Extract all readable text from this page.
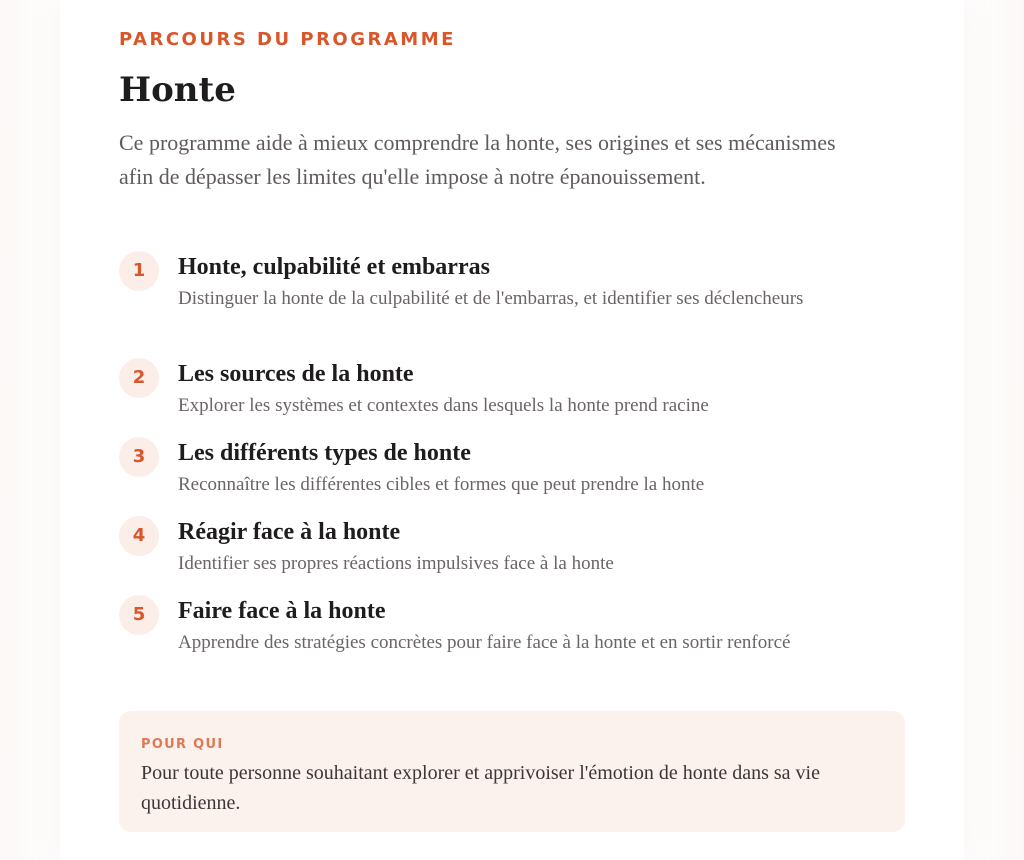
PARCOURS DU PROGRAMME
Honte

Ce programme aide à mieux comprendre la honte, ses origines et ses mécanismes afin de dépasser les limites qu'elle impose à notre épanouissement.

1	Honte, culpabilité et embarras
Distinguer la honte de la culpabilité et de l'embarras, et identifier ses déclencheurs
2	Les sources de la honte
Explorer les systèmes et contextes dans lesquels la honte prend racine
3	Les différents types de honte
Reconnaître les différentes cibles et formes que peut prendre la honte
4	Réagir face à la honte
Identifier ses propres réactions impulsives face à la honte
5	Faire face à la honte
Apprendre des stratégies concrètes pour faire face à la honte et en sortir renforcé
POUR QUI
Pour toute personne souhaitant explorer et apprivoiser l'émotion de honte dans sa vie quotidienne.
